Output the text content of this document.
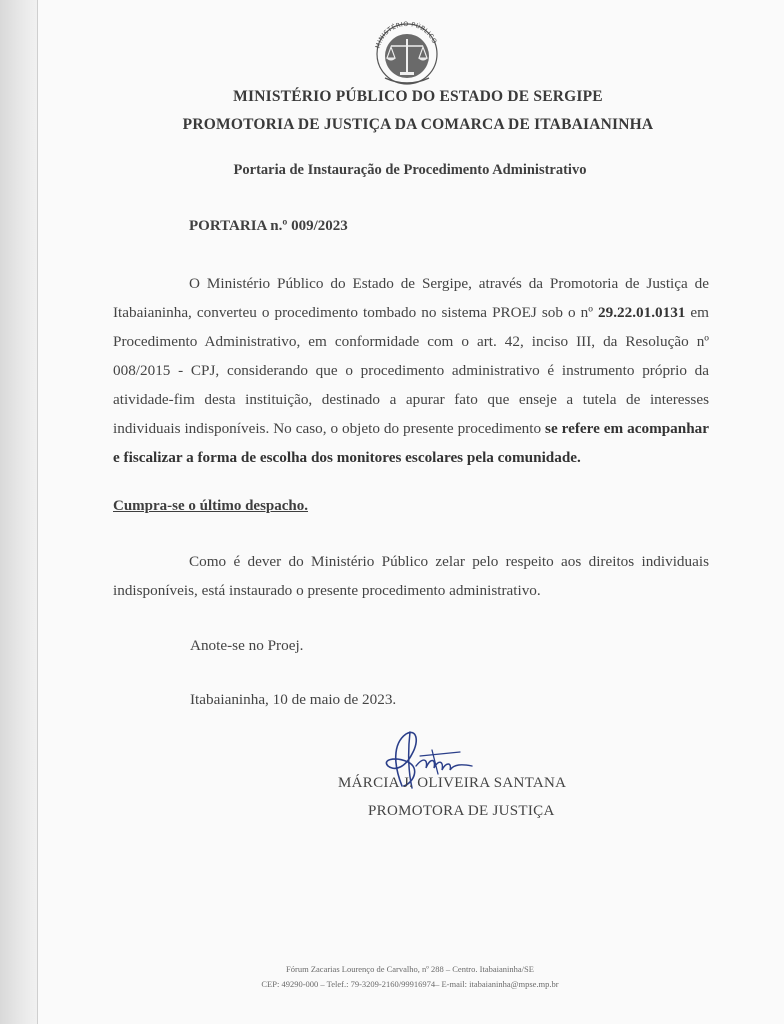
MINISTÉRIO PÚBLICO
MINISTÉRIO PÚBLICO DO ESTADO DE SERGIPE
PROMOTORIA DE JUSTIÇA DA COMARCA DE ITABAIANINHA
Portaria de Instauração de Procedimento Administrativo
PORTARIA n.º 009/2023
O Ministério Público do Estado de Sergipe, através da Promotoria de Justiça de Itabaianinha, converteu o procedimento tombado no sistema PROEJ sob o nº 29.22.01.0131 em Procedimento Administrativo, em conformidade com o art. 42, inciso III, da Resolução nº 008/2015 - CPJ, considerando que o procedimento administrativo é instrumento próprio da atividade-fim desta instituição, destinado a apurar fato que enseje a tutela de interesses individuais indisponíveis. No caso, o objeto do presente procedimento se refere em acompanhar e fiscalizar a forma de escolha dos monitores escolares pela comunidade.
Cumpra-se o último despacho.
Como é dever do Ministério Público zelar pelo respeito aos direitos individuais indisponíveis, está instaurado o presente procedimento administrativo.
Anote-se no Proej.
Itabaianinha, 10 de maio de 2023.
MÁRCIA J. OLIVEIRA SANTANA
PROMOTORA DE JUSTIÇA
Fórum Zacarias Lourenço de Carvalho, nº 288 – Centro. Itabaianinha/SE
CEP: 49290-000 – Telef.: 79-3209-2160/99916974– E-mail: itabaianinha@mpse.mp.br
